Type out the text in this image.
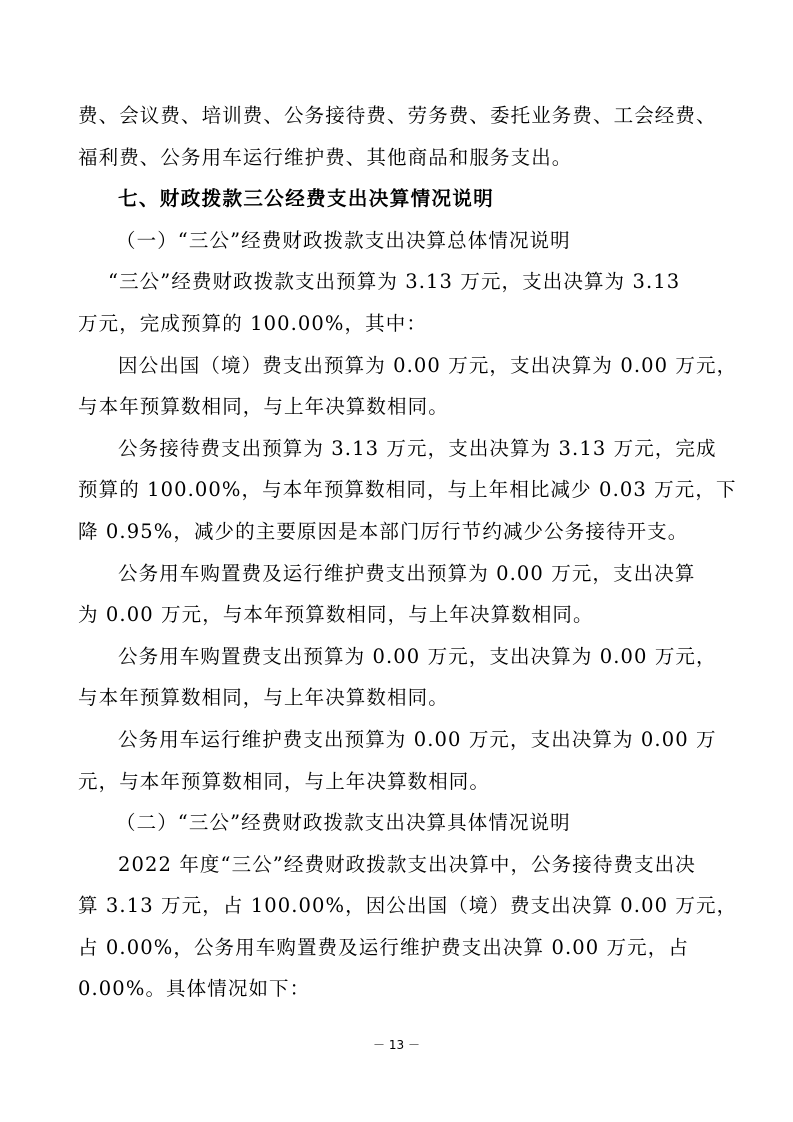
费、会议费、培训费、公务接待费、劳务费、委托业务费、工会经费、
福利费、公务用车运行维护费、其他商品和服务支出。
七、财政拨款三公经费支出决算情况说明
（一）“三公”经费财政拨款支出决算总体情况说明
“三公”经费财政拨款支出预算为 3.13 万元，支出决算为 3.13
万元，完成预算的 100.00%，其中：
因公出国（境）费支出预算为 0.00 万元，支出决算为 0.00 万元，
与本年预算数相同，与上年决算数相同。
公务接待费支出预算为 3.13 万元，支出决算为 3.13 万元，完成
预算的 100.00%，与本年预算数相同，与上年相比减少 0.03 万元，下
降 0.95%，减少的主要原因是本部门厉行节约减少公务接待开支。
公务用车购置费及运行维护费支出预算为 0.00 万元，支出决算
为 0.00 万元，与本年预算数相同，与上年决算数相同。
公务用车购置费支出预算为 0.00 万元，支出决算为 0.00 万元，
与本年预算数相同，与上年决算数相同。
公务用车运行维护费支出预算为 0.00 万元，支出决算为 0.00 万
元，与本年预算数相同，与上年决算数相同。
（二）“三公”经费财政拨款支出决算具体情况说明
2022 年度“三公”经费财政拨款支出决算中，公务接待费支出决
算 3.13 万元，占 100.00%，因公出国（境）费支出决算 0.00 万元，
占 0.00%，公务用车购置费及运行维护费支出决算 0.00 万元，占
0.00%。具体情况如下：
－ 13 －
